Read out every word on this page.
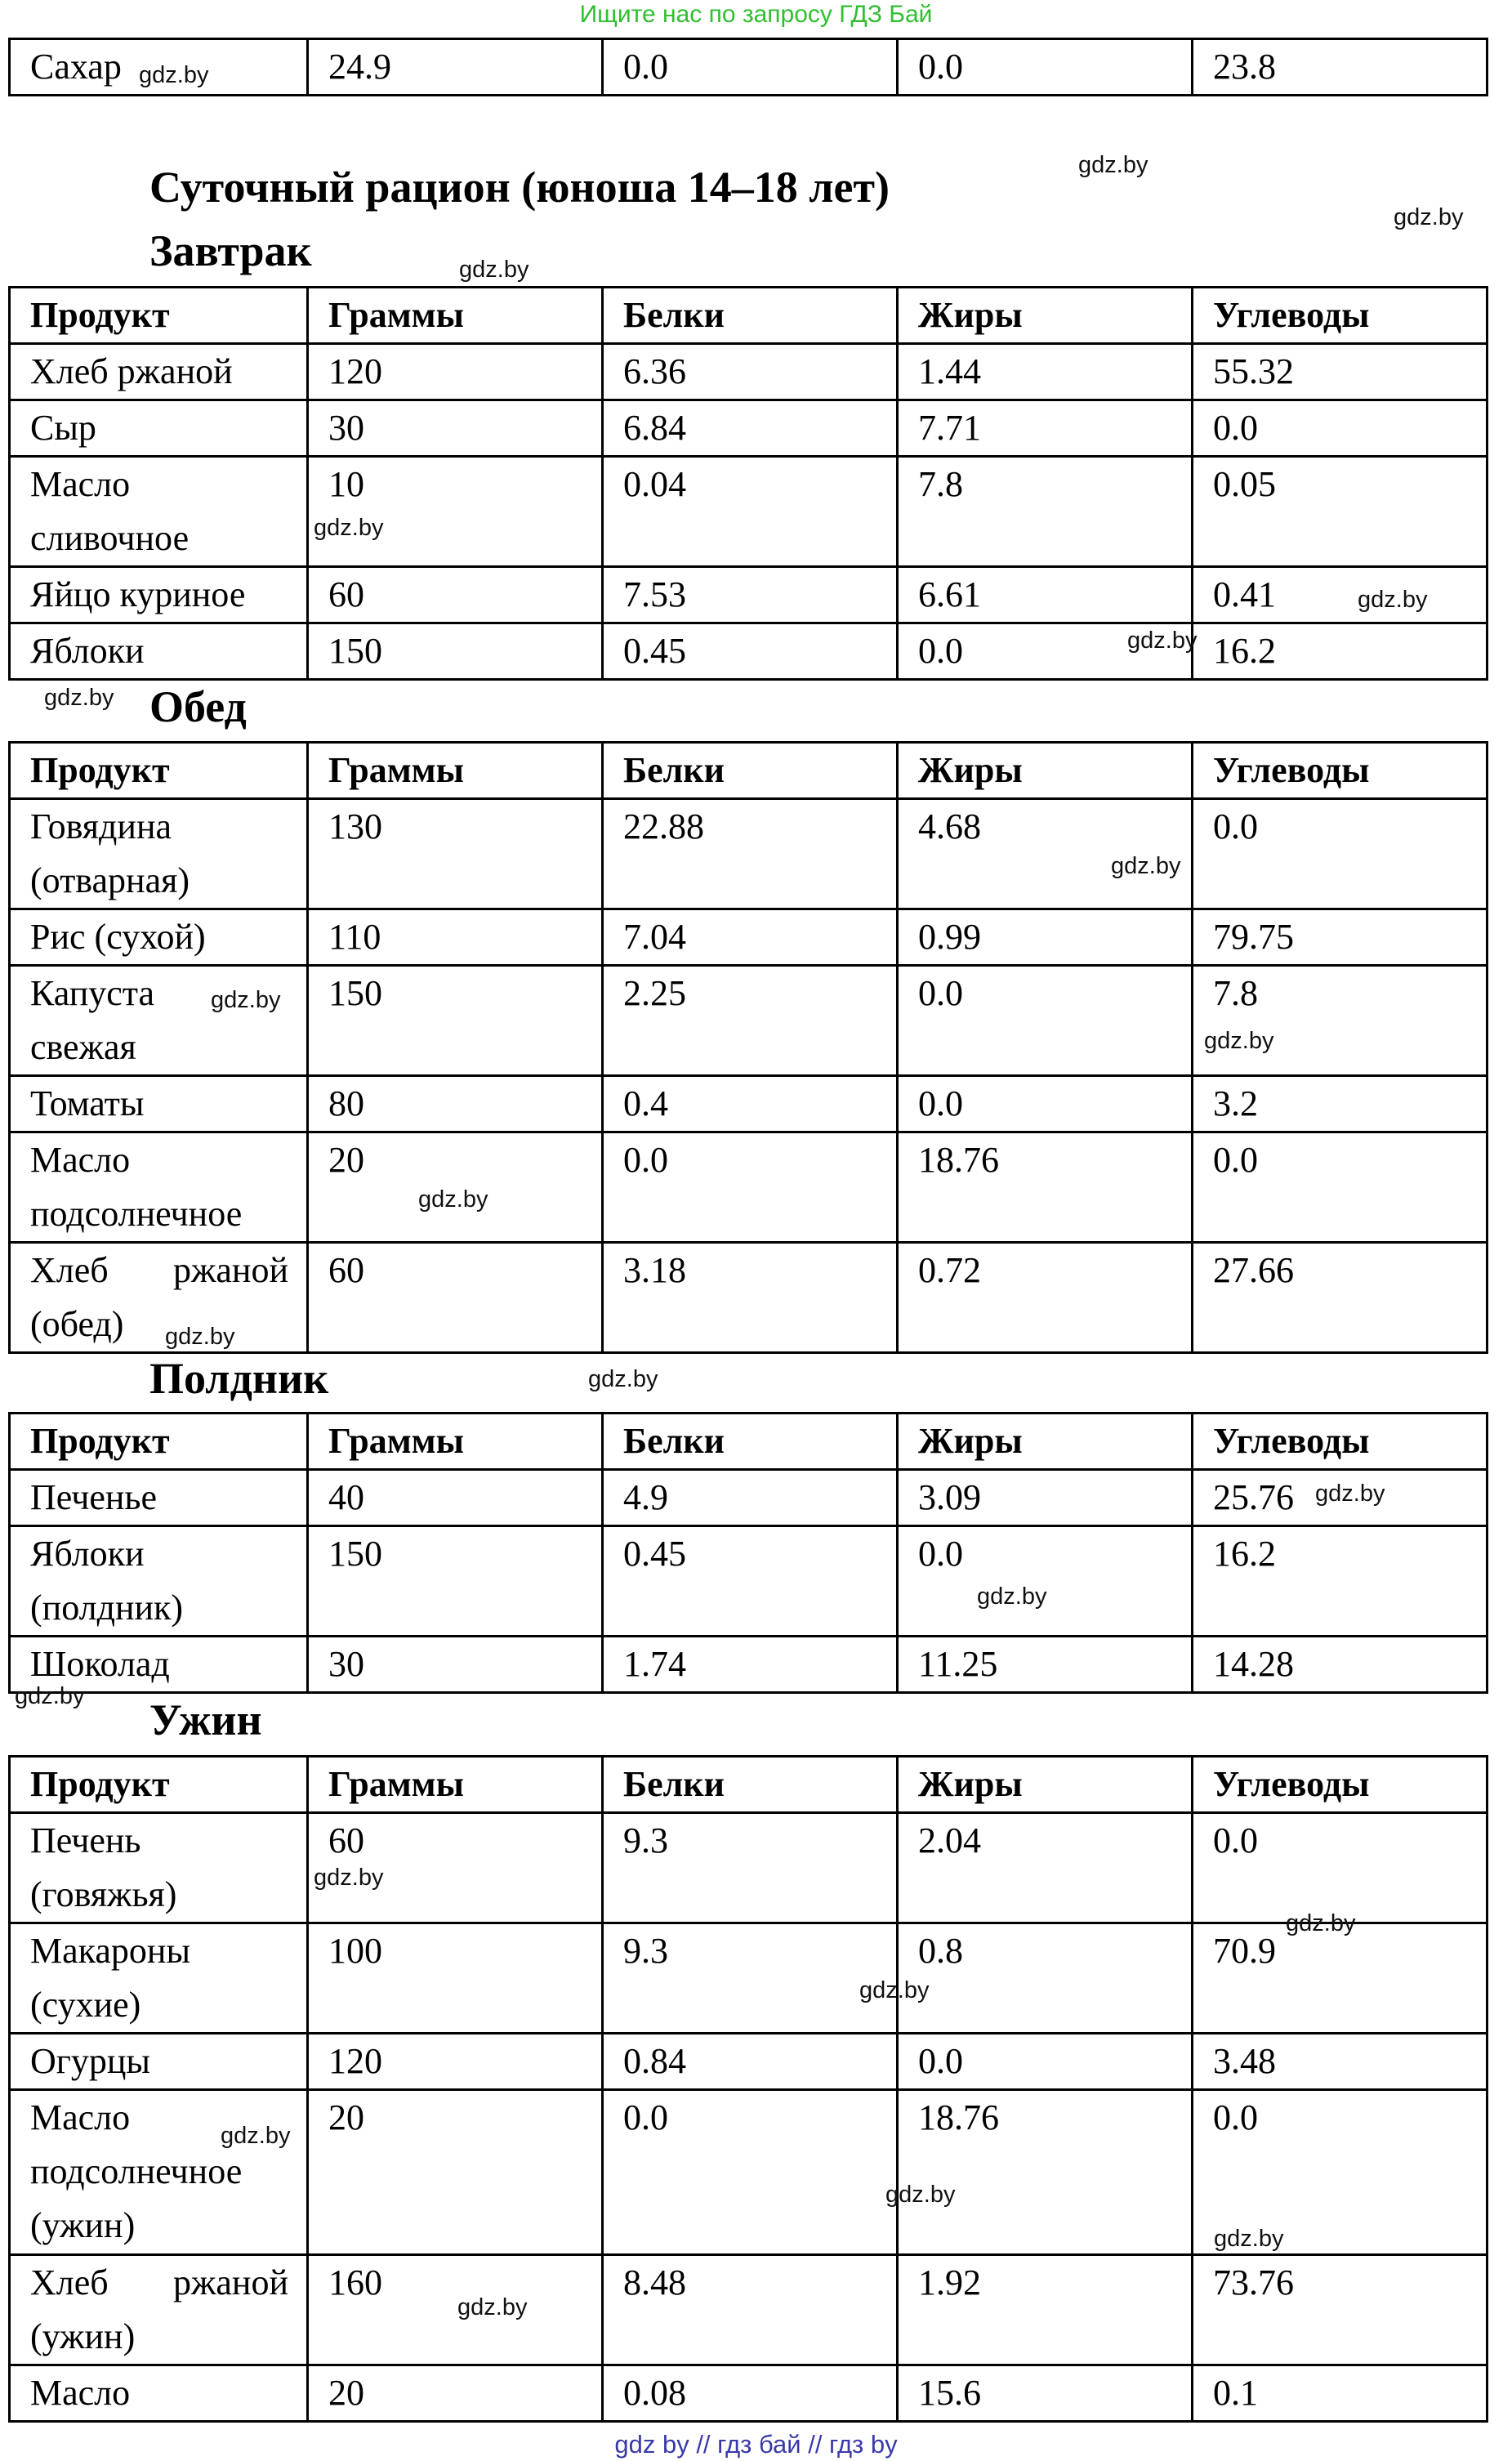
Ищите нас по запросу ГДЗ Бай
Сахар	24.9	0.0	0.0	23.8
Суточный рацион (юноша 14–18 лет)
Завтрак
Продукт	Граммы	Белки	Жиры	Углеводы
Хлеб ржаной	120	6.36	1.44	55.32
Сыр	30	6.84	7.71	0.0

Масло
сливочное	10	0.04	7.8	0.05
Яйцо куриное	60	7.53	6.61	0.41
Яблоки	150	0.45	0.0	16.2
Обед
Продукт	Граммы	Белки	Жиры	Углеводы

Говядина
(отварная)	130	22.88	4.68	0.0
Рис (сухой)	110	7.04	0.99	79.75

Капуста
свежая	150	2.25	0.0	7.8
Томаты	80	0.4	0.0	3.2

Масло
подсолнечное	20	0.0	18.76	0.0

Хлеб ржаной
(обед)	60	3.18	0.72	27.66
Полдник
Продукт	Граммы	Белки	Жиры	Углеводы
Печенье	40	4.9	3.09	25.76

Яблоки
(полдник)	150	0.45	0.0	16.2
Шоколад	30	1.74	11.25	14.28
Ужин
Продукт	Граммы	Белки	Жиры	Углеводы

Печень
(говяжья)	60	9.3	2.04	0.0

Макароны
(сухие)	100	9.3	0.8	70.9
Огурцы	120	0.84	0.0	3.48

Масло
подсолнечное
(ужин)	20	0.0	18.76	0.0

Хлеб ржаной
(ужин)	160	8.48	1.92	73.76
Масло	20	0.08	15.6	0.1
gdz.by
gdz.by
gdz.by
gdz.by
gdz.by
gdz.by
gdz.by
gdz.by
gdz.by
gdz.by
gdz.by
gdz.by
gdz.by
gdz.by
gdz.by
gdz.by
gdz.by
gdz.by
gdz.by
gdz.by
gdz.by
gdz.by
gdz.by
gdz.by
gdz by // гдз бай // гдз by
